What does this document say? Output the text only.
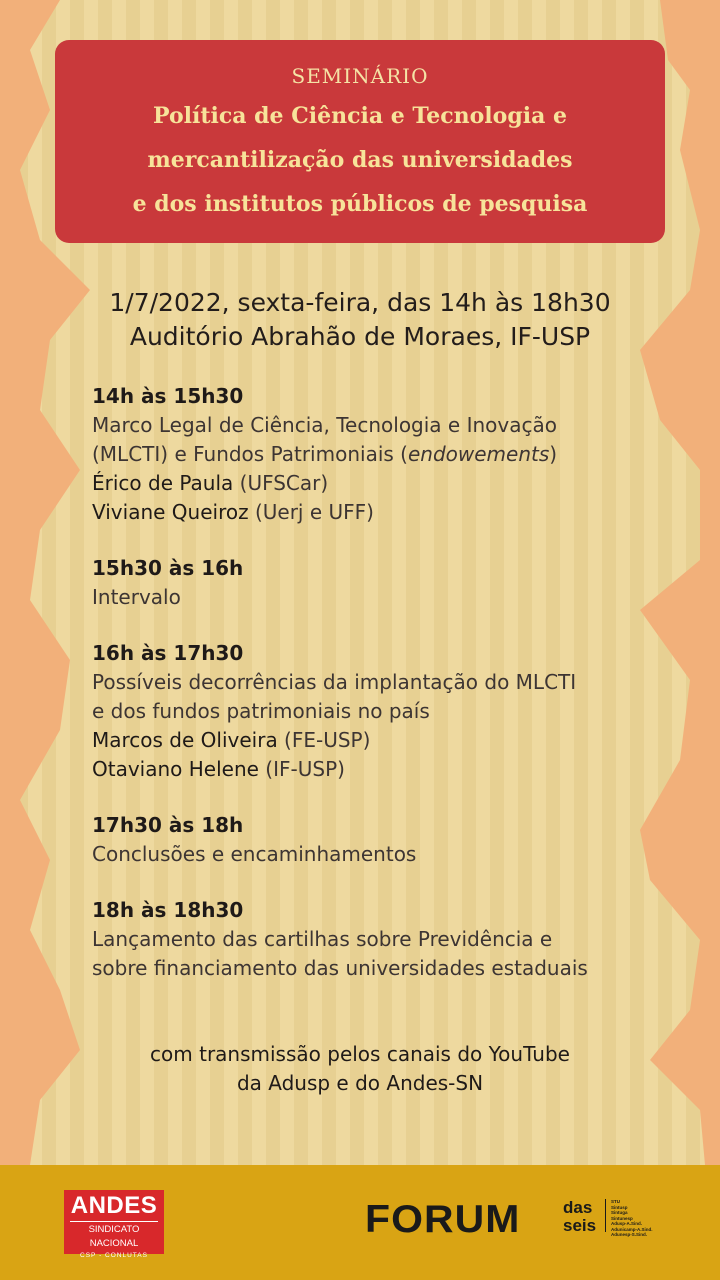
SEMINÁRIO
Política de Ciência e Tecnologia e
mercantilização das universidades
e dos institutos públicos de pesquisa
1/7/2022, sexta-feira, das 14h às 18h30
Auditório Abrahão de Moraes, IF-USP
14h às 15h30
Marco Legal de Ciência, Tecnologia e Inovação
(MLCTI) e Fundos Patrimoniais (endowements)
Érico de Paula (UFSCar)
Viviane Queiroz (Uerj e UFF)
15h30 às 16h
Intervalo
16h às 17h30
Possíveis decorrências da implantação do MLCTI
e dos fundos patrimoniais no país
Marcos de Oliveira (FE-USP)
Otaviano Helene (IF-USP)
17h30 às 18h
Conclusões e encaminhamentos
18h às 18h30
Lançamento das cartilhas sobre Previdência e
sobre financiamento das universidades estaduais
com transmissão pelos canais do YouTube
da Adusp e do Andes-SN
ANDES
SINDICATO NACIONAL
CSP - CONLUTAS
FORUM	das
seis
STU
Sintusp
Sintuga
Sintunesp
Adusp-A.Sind.
Adunicamp-A.Sind.
Adunesp-S.Sind.
